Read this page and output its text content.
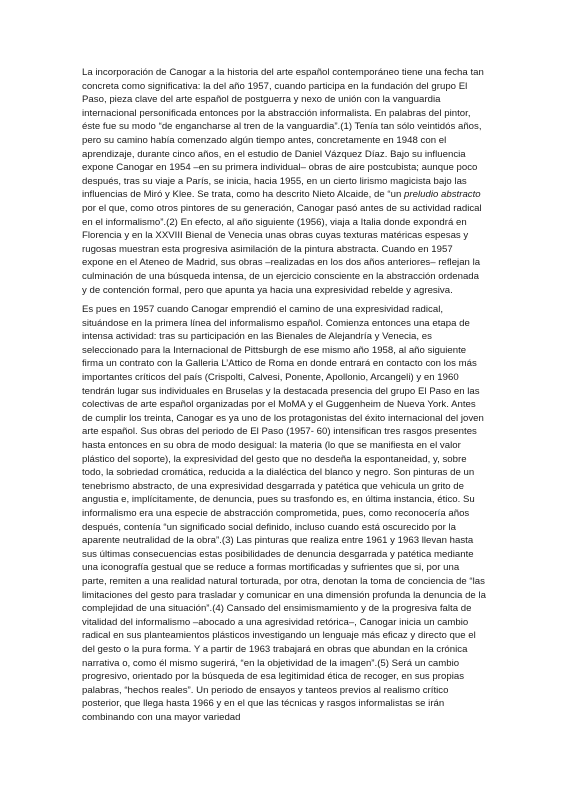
La incorporación de Canogar a la historia del arte español contemporáneo tiene una fecha tan concreta como significativa: la del año 1957, cuando participa en la fundación del grupo El Paso, pieza clave del arte español de postguerra y nexo de unión con la vanguardia internacional personificada entonces por la abstracción informalista. En palabras del pintor, éste fue su modo “de engancharse al tren de la vanguardia”.(1) Tenía tan sólo veintidós años, pero su camino había comenzado algún tiempo antes, concretamente en 1948 con el aprendizaje, durante cinco años, en el estudio de Daniel Vázquez Díaz. Bajo su influencia expone Canogar en 1954 –en su primera individual– obras de aire postcubista; aunque poco después, tras su viaje a París, se inicia, hacia 1955, en un cierto lirismo magicista bajo las influencias de Miró y Klee. Se trata, como ha descrito Nieto Alcaide, de “un preludio abstracto por el que, como otros pintores de su generación, Canogar pasó antes de su actividad radical en el informalismo”.(2) En efecto, al año siguiente (1956), viaja a Italia donde expondrá en Florencia y en la XXVIII Bienal de Venecia unas obras cuyas texturas matéricas espesas y rugosas muestran esta progresiva asimilación de la pintura abstracta. Cuando en 1957 expone en el Ateneo de Madrid, sus obras –realizadas en los dos años anteriores– reflejan la culminación de una búsqueda intensa, de un ejercicio consciente en la abstracción ordenada y de contención formal, pero que apunta ya hacia una expresividad rebelde y agresiva.

Es pues en 1957 cuando Canogar emprendió el camino de una expresividad radical, situándose en la primera línea del informalismo español. Comienza entonces una etapa de intensa actividad: tras su participación en las Bienales de Alejandría y Venecia, es seleccionado para la Internacional de Pittsburgh de ese mismo año 1958, al año siguiente firma un contrato con la Galleria L’Attico de Roma en donde entrará en contacto con los más importantes críticos del país (Crispolti, Calvesi, Ponente, Apollonio, Arcangeli) y en 1960 tendrán lugar sus individuales en Bruselas y la destacada presencia del grupo El Paso en las colectivas de arte español organizadas por el MoMA y el Guggenheim de Nueva York. Antes de cumplir los treinta, Canogar es ya uno de los protagonistas del éxito internacional del joven arte español. Sus obras del periodo de El Paso (1957- 60) intensifican tres rasgos presentes hasta entonces en su obra de modo desigual: la materia (lo que se manifiesta en el valor plástico del soporte), la expresividad del gesto que no desdeña la espontaneidad, y, sobre todo, la sobriedad cromática, reducida a la dialéctica del blanco y negro. Son pinturas de un tenebrismo abstracto, de una expresividad desgarrada y patética que vehicula un grito de angustia e, implícitamente, de denuncia, pues su trasfondo es, en última instancia, ético. Su informalismo era una especie de abstracción comprometida, pues, como reconocería años después, contenía “un significado social definido, incluso cuando está oscurecido por la aparente neutralidad de la obra”.(3) Las pinturas que realiza entre 1961 y 1963 llevan hasta sus últimas consecuencias estas posibilidades de denuncia desgarrada y patética mediante una iconografía gestual que se reduce a formas mortificadas y sufrientes que si, por una parte, remiten a una realidad natural torturada, por otra, denotan la toma de conciencia de “las limitaciones del gesto para trasladar y comunicar en una dimensión profunda la denuncia de la complejidad de una situación”.(4) Cansado del ensimismamiento y de la progresiva falta de vitalidad del informalismo –abocado a una agresividad retórica–, Canogar inicia un cambio radical en sus planteamientos plásticos investigando un lenguaje más eficaz y directo que el del gesto o la pura forma. Y a partir de 1963 trabajará en obras que abundan en la crónica narrativa o, como él mismo sugerirá, “en la objetividad de la imagen”.(5) Será un cambio progresivo, orientado por la búsqueda de esa legitimidad ética de recoger, en sus propias palabras, “hechos reales”. Un periodo de ensayos y tanteos previos al realismo crítico posterior, que llega hasta 1966 y en el que las técnicas y rasgos informalistas se irán combinando con una mayor variedad
